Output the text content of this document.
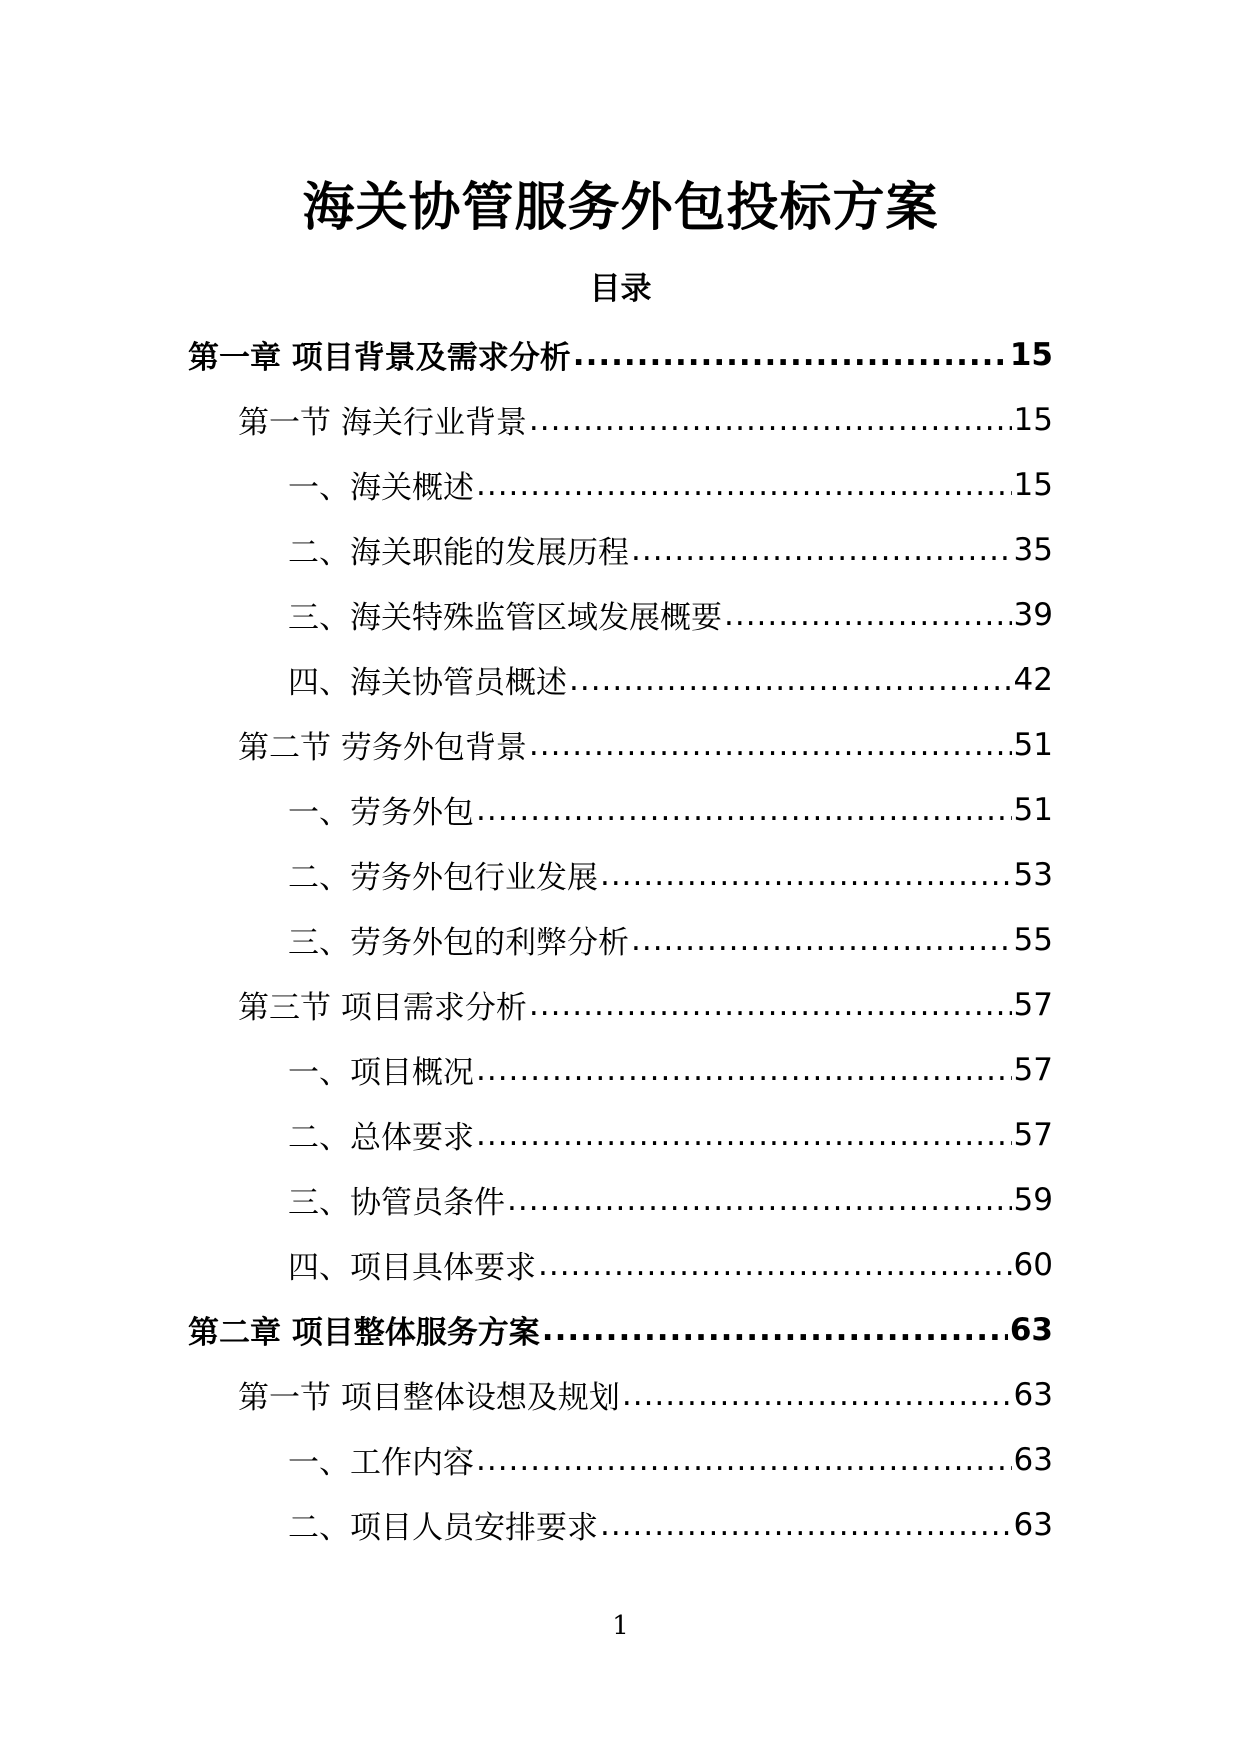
海关协管服务外包投标方案
目录
第一章 项目背景及需求分析 .....	15
第一节 海关行业背景 .....	15
一、海关概述 .....	15
二、海关职能的发展历程 .....	35
三、海关特殊监管区域发展概要 .....	39
四、海关协管员概述 .....	42
第二节 劳务外包背景 .....	51
一、劳务外包 .....	51
二、劳务外包行业发展 .....	53
三、劳务外包的利弊分析 .....	55
第三节 项目需求分析 .....	57
一、项目概况 .....	57
二、总体要求 .....	57
三、协管员条件 .....	59
四、项目具体要求 .....	60
第二章 项目整体服务方案 .....	63
第一节 项目整体设想及规划 .....	63
一、工作内容 .....	63
二、项目人员安排要求 .....	63
1
